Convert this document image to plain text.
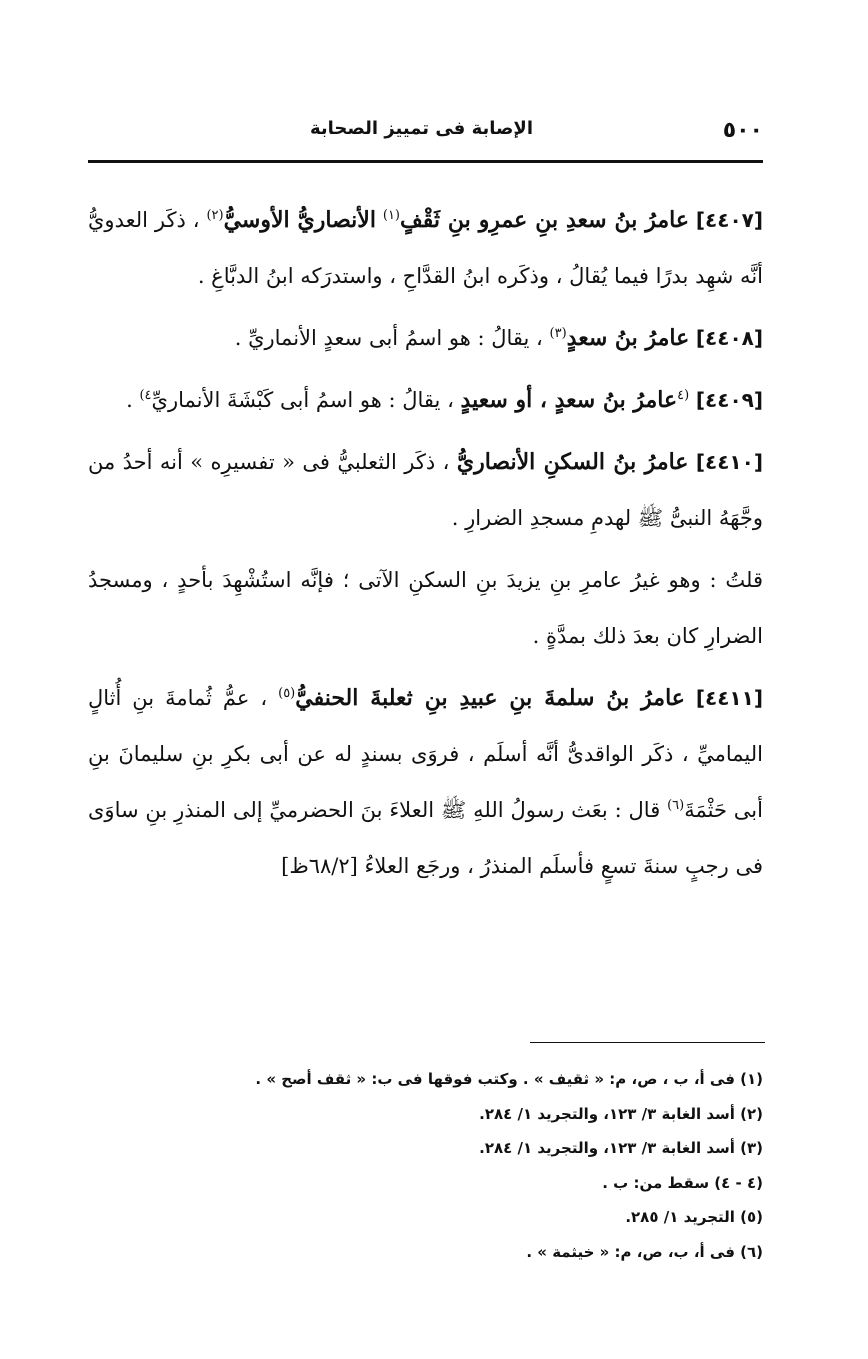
٥٠٠
الإصابة فى تمييز الصحابة

[٤٤٠٧] عامرُ بنُ سعدِ بنِ عمرِو بنِ ثَقْفٍ$^{(١)}$ الأنصاريُّ الأوسيُّ$^{(٢)}$ ، ذكَر العدويُّ أنَّه شهِد بدرًا فيما يُقالُ ، وذكَره ابنُ القدَّاحِ ، واستدرَكه ابنُ الدبَّاغِ .

[٤٤٠٨] عامرُ بنُ سعدٍ$^{(٣)}$ ، يقالُ : هو اسمُ أبى سعدٍ الأنماريِّ .

[٤٤٠٩] $^{(٤}$عامرُ بنُ سعدٍ ، أو سعيدٍ ، يقالُ : هو اسمُ أبى كَبْشَةَ الأنماريِّ$^{٤)}$ .

[٤٤١٠] عامرُ بنُ السكنِ الأنصاريُّ ، ذكَر الثعلبيُّ فى « تفسيرِه » أنه أحدُ من وجَّهَهُ النبىُّ ﷺ لهدمِ مسجدِ الضرارِ .

قلتُ : وهو غيرُ عامرِ بنِ يزيدَ بنِ السكنِ الآتى ؛ فإنَّه استُشْهِدَ بأحدٍ ، ومسجدُ الضرارِ كان بعدَ ذلك بمدَّةٍ .

[٤٤١١] عامرُ بنُ سلمةَ بنِ عبيدِ بنِ ثعلبةَ الحنفيُّ$^{(٥)}$ ، عمُّ ثُمامةَ بنِ أُثالٍ اليماميِّ ، ذكَر الواقدىُّ أنَّه أسلَم ، فروَى بسندٍ له عن أبى بكرِ بنِ سليمانَ بنِ أبى حَثْمَةَ$^{(٦)}$ قال : بعَث رسولُ اللهِ ﷺ العلاءَ بنَ الحضرميِّ إلى المنذرِ بنِ ساوَى فى رجبٍ سنةَ تسعٍ فأسلَم المنذرُ ، ورجَع العلاءُ [٦٨/٢ظ]

(١) فى أ، ب ، ص، م: « ثقيف » . وكتب فوقها فى ب: « ثقف أصح » .
(٢) أسد الغابة ٣/ ١٢٣، والتجريد ١/ ٢٨٤.
(٣) أسد الغابة ٣/ ١٢٣، والتجريد ١/ ٢٨٤.
(٤ - ٤) سقط من: ب .
(٥) التجريد ١/ ٢٨٥.
(٦) فى أ، ب، ص، م: « خيثمة » .
